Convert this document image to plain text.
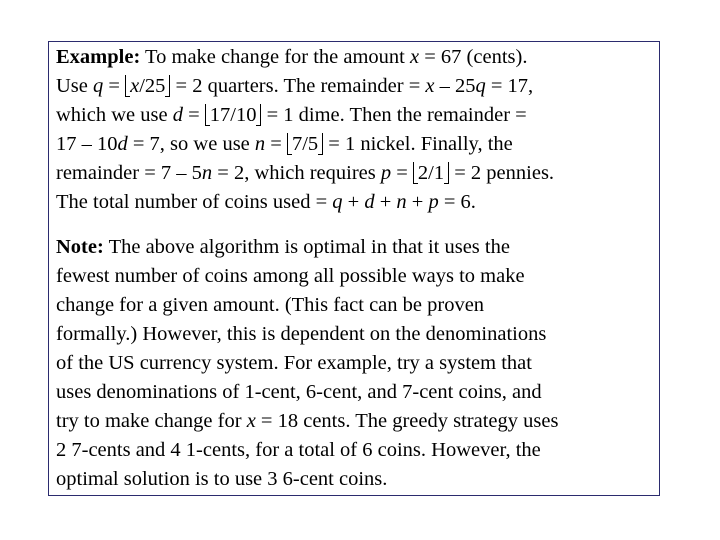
Example: To make change for the amount x = 67 (cents).
Use q = x/25 = 2 quarters. The remainder = x – 25q = 17,
which we use d = 17/10 = 1 dime. Then the remainder =
17 – 10d = 7, so we use n = 7/5 = 1 nickel. Finally, the
remainder = 7 – 5n = 2, which requires p = 2/1 = 2 pennies.
The total number of coins used = q + d + n + p = 6.
Note: The above algorithm is optimal in that it uses the
fewest number of coins among all possible ways to make
change for a given amount. (This fact can be proven
formally.) However, this is dependent on the denominations
of the US currency system. For example, try a system that
uses denominations of 1-cent, 6-cent, and 7-cent coins, and
try to make change for x = 18 cents. The greedy strategy uses
2 7-cents and 4 1-cents, for a total of 6 coins. However, the
optimal solution is to use 3 6-cent coins.
